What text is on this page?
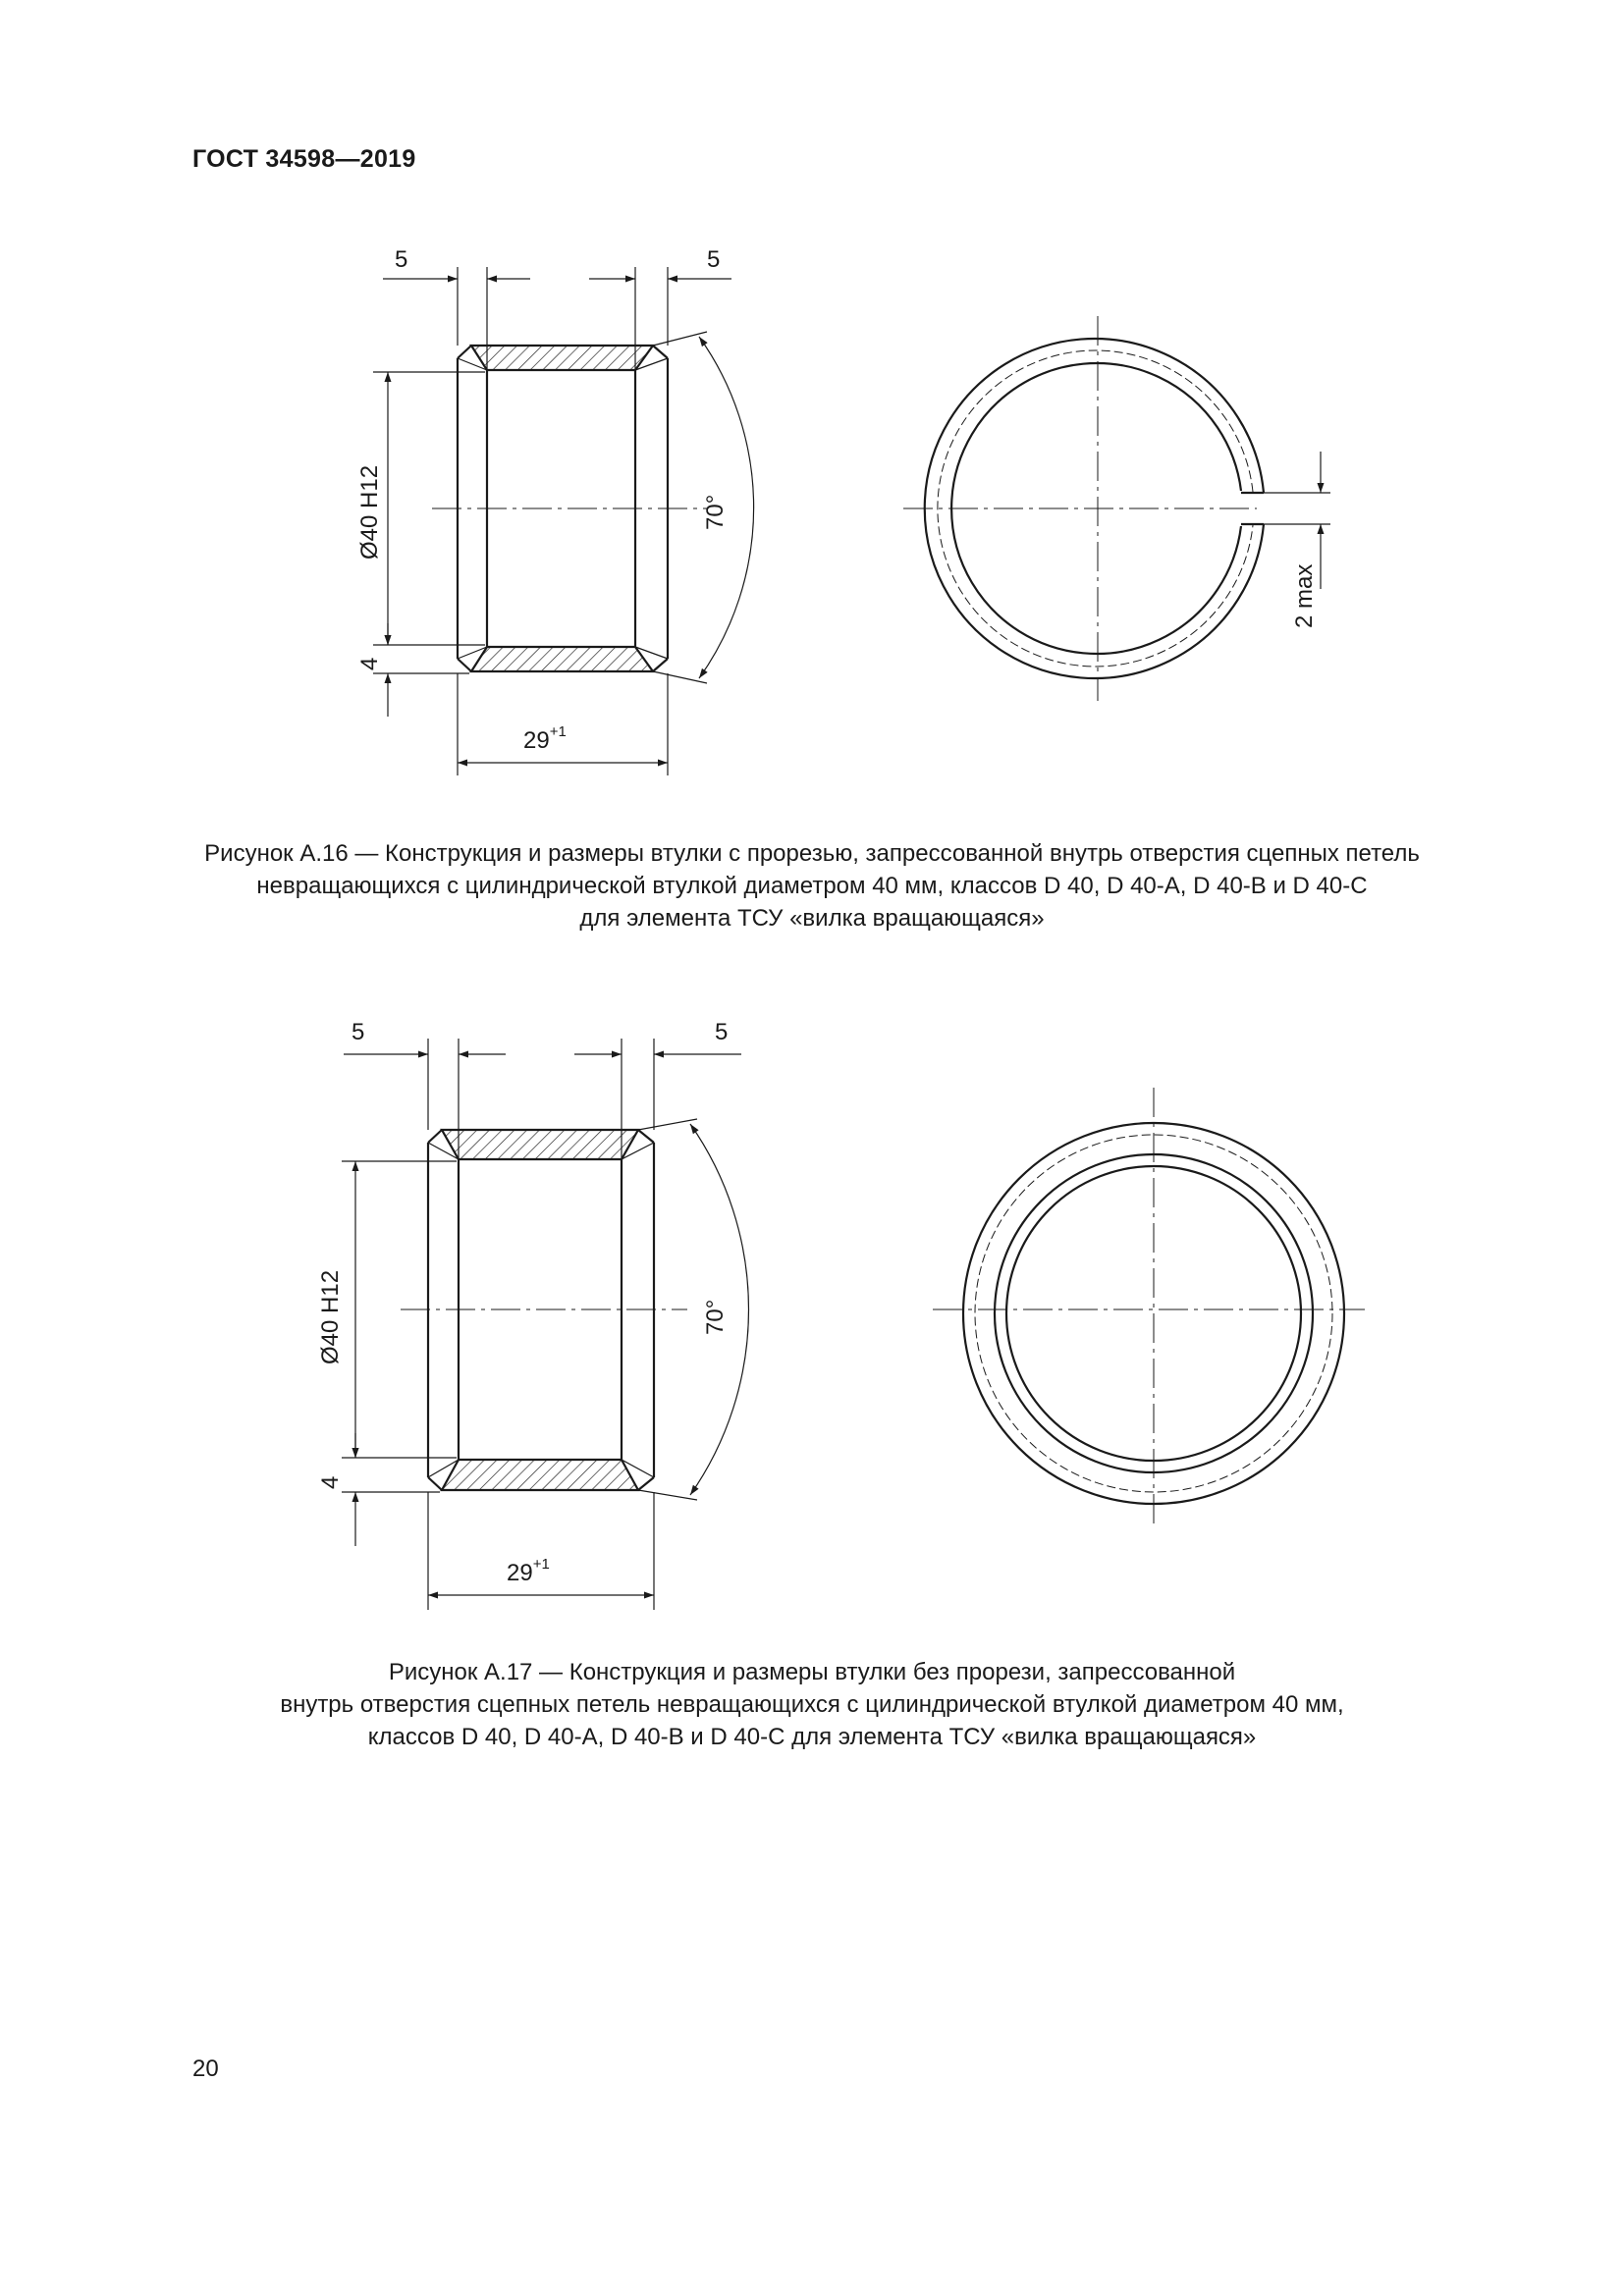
ГОСТ 34598—2019
5	5
Ø40 H12
4
$29^{+1}$
70°
2 max
Рисунок А.16 — Конструкция и размеры втулки с прорезью, запрессованной внутрь отверстия сцепных петель
невращающихся с цилиндрической втулкой диаметром 40 мм, классов D 40, D 40-A, D 40-B и D 40-C
для элемента ТСУ «вилка вращающаяся»
5	5
Ø40 H12
4
$29^{+1}$
70°
Рисунок А.17 — Конструкция и размеры втулки без прорези, запрессованной
внутрь отверстия сцепных петель невращающихся с цилиндрической втулкой диаметром 40 мм,
классов D 40, D 40-A, D 40-B и D 40-C для элемента ТСУ «вилка вращающаяся»
20
